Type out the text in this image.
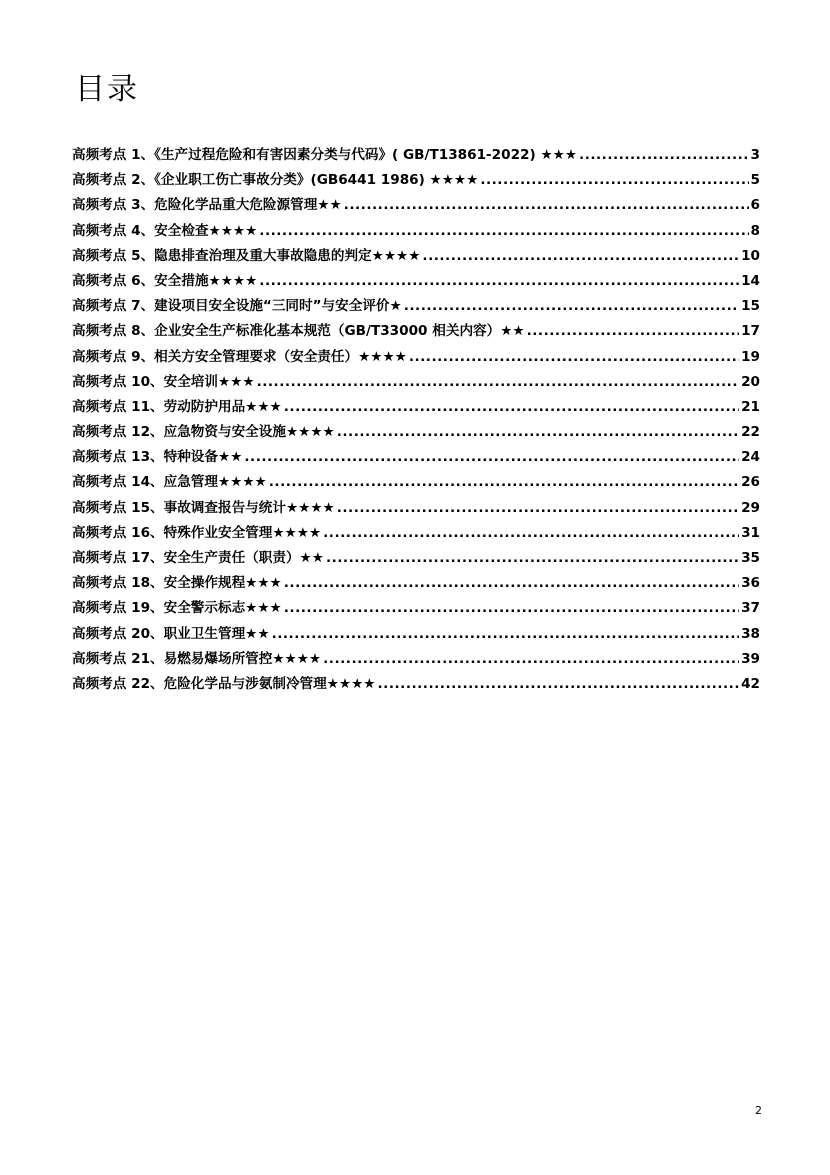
目录
高频考点 1、《生产过程危险和有害因素分类与代码》( GB/T13861-2022) ★★★ .....	3
高频考点 2、《企业职工伤亡事故分类》(GB6441 1986) ★★★★ .....	5
高频考点 3、危险化学品重大危险源管理★★ .....	6
高频考点 4、安全检查★★★★ .....	8
高频考点 5、隐患排查治理及重大事故隐患的判定★★★★ .....	10
高频考点 6、安全措施★★★★ .....	14
高频考点 7、建设项目安全设施“三同时”与安全评价★ .....	15
高频考点 8、企业安全生产标准化基本规范（GB/T33000 相关内容）★★ .....	17
高频考点 9、相关方安全管理要求（安全责任）★★★★ .....	19
高频考点 10、安全培训★★★ .....	20
高频考点 11、劳动防护用品★★★ .....	21
高频考点 12、应急物资与安全设施★★★★ .....	22
高频考点 13、特种设备★★ .....	24
高频考点 14、应急管理★★★★ .....	26
高频考点 15、事故调查报告与统计★★★★ .....	29
高频考点 16、特殊作业安全管理★★★★ .....	31
高频考点 17、安全生产责任（职责）★★ .....	35
高频考点 18、安全操作规程★★★ .....	36
高频考点 19、安全警示标志★★★ .....	37
高频考点 20、职业卫生管理★★ .....	38
高频考点 21、易燃易爆场所管控★★★★ .....	39
高频考点 22、危险化学品与涉氨制冷管理★★★★ .....	42
2
